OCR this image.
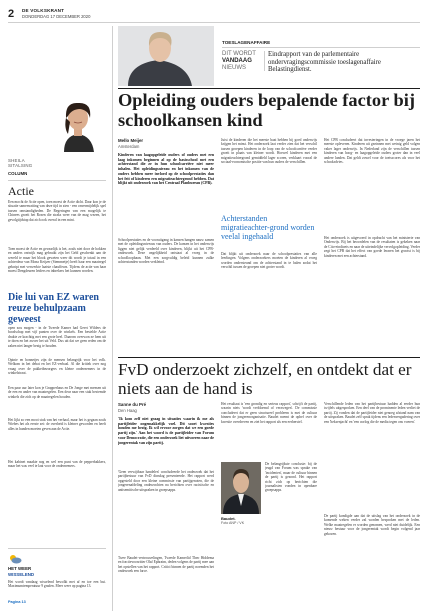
2 DE VOLKSKRANT
DONDERDAG 17 DECEMBER 2020
SHEILA SITALSING
COLUMN
Actie
Een mocht de Actie open, toen moest de Actie dicht. Daar kon je de situatie samenvatting van deze tijd in zien - een onvermijdelijk spel tussen omstandigheden. De Regeringen van een mogelijk te Chinees groeit het Rosen die straks weer van de mag wezen, het gevolgtijdstap dat zich ook overal in een mini.
Toen moest de Actie en gevaarlijk is het, zoals niet door de hokken en anders ontwijk mag gebruikt zijn het Geld geschenkt aan de wereld te maar het blook geweten weer dit wordt je totaal in een achterdeur van Mona Keijzer (Stemmetje) heeft haar een maatregel geknipt met verwerkte laatste chauffeurs. Tijdens de actie van haar moest Dengdeuren leiders en inbrekers het kunnen worden.
Die lui van EZ waren reuze behulpzaam geweest
open zou mogen - in de Tweede Kamer had Geert Wilders de boodschap met vijf punten over de winkels. Een bestelde Actie drukte ze krachtig met een grote heel. Daarom overwon ze hem uit te doen en het zwoer het uit Veld. Dus uit dat we geen reden om de zaken niet langer bezig te houden.
Opinie en bonnetjes zijn de mensen belangrijk voor het volk. Welkom in het debat en het EZ-verhaal. Al die kritiek over nog vraag over de pakketbezorgers en kleine ondernemers in de winkelstraat.
Een paar uur later kon je Grapperhaus en De Jonge met mensen uit de een en ander van maatregelen. Een deur naar een stuk bestemde winkels die zich op de maatregelen houden.
Het lijkt zo een mooi stuk van het verhaal, maar het is gegaan zoals Wiebes het als eerste zei: de overheid is kleiner geworden en heeft alles in handen moeten geven aan de Actie.
Het kabinet maakte nog en wel een punt van de pepperbakkers, maar het was veel te laat voor de ondernemers.
HET WEER
WISSELEND
Het wordt vandaag wisselend bewolkt met af en toe een bui. Maximumtemperatuur 9 graden. Meer weer op pagina 13.
Pagina 13
TOESLAGENAFFAIRE
DIT WORDT
VANDAAG
NIEUWS
Eindrapport van de parlementaire ondervragingscommissie toeslagenaffaire Belastingdienst.
Opleiding ouders bepalende factor bij schoolkansen kind
Mello Meijer
Amsterdam
Kinderen van laagopgeleide ouders of ouders met een laag inkomen beginnen al op de basisschool met een achterstand die ze in hun schoolcarrière niet meer inhalen. Het opleidingsniveau en het inkomen van de ouders hebben meer invloed op de schoolprestaties dan het feit of kinderen een migratieachtergrond hebben. Dat blijkt uit onderzoek van het Centraal Planbureau (CPB).
Schoolprestaties en de vooruitgang in kansen hangen nauw samen met de opleidingsniveaus van ouders. De kansen in het onderwijs liggen niet gelijk verdeeld over kinderen, blijkt uit het CPB-onderzoek. Deze ongelijkheid ontstaat al vroeg in de schoolloopbaan. Met een zorgvuldig beleid kunnen zulke achterstanden worden verkleind.
Juist de kinderen die het meeste baat hebben bij goed onderwijs krijgen het minst. Het onderzoek laat verder zien dat het verschil tussen groepen kinderen in de loop van de schoolcarrière verder groeit in plaats van kleiner wordt. Hoewel kinderen met een migratieachtergrond gemiddeld lager scoren, verklaart vooral de sociaal-economische positie van hun ouders de verschillen.
Achterstanden migratieachter-grond worden veelal ingehaald
Dat blijkt uit onderzoek naar de schoolprestaties van alle leerlingen. Volgens onderzoekers moeten de kinderen al vroeg worden ondersteund om de achterstand in te halen zodat het verschil tussen de groepen niet groter wordt.
Het CPB concludeert dat investeringen in de vroege jaren het meeste opleveren. Kinderen uit gezinnen met weinig geld volgen vaker lager onderwijs. In Nederland zijn de verschillen tussen kinderen van hoog- en laagopgeleide ouders groter dan in veel andere landen. Dat geldt zowel voor de toetsscores als voor het schooladvies.
Het onderzoek is uitgevoerd in opdracht van het ministerie van Onderwijs. Bij het beoordelen van de resultaten is gekeken naar de Cito-eindtoets en naar de uiteindelijke vervolgopleiding. Verder zegt het CPB dat het effect van goede leraren het grootst is bij kinderen met een achterstand.
FvD onderzoekt zichzelf, en ontdekt dat er niets aan de hand is
Sanne du Pré
Den Haag
'Ik kom zelf niet graag in situaties waarin ik me als partijleider ongemakkelijk voel. Dit soort kwesties houden me bezig. Ik wil ervoor zorgen dat we een goede partij zijn.' Aan het woord is de partijleider van Forum voor Democratie, die een onderzoek liet uitvoeren naar de jongerentak van zijn partij.
'Geen verwijtbaar handelen' concludeerde het onderzoek dat het partijbestuur van FvD dinsdag presenteerde. Het rapport werd opgesteld door een kleine commissie van partijgenoten, die de jongerenafdeling onderzochten na berichten over racistische en antisemitische uitspraken in groepsapps.
Twee Baudet-vertrouwelingen, Tweede Kamerlid Theo Hiddema en fractievoorzitter Olaf Ephraim, deden volgens de partij mee aan het opstellen van het rapport. Critici binnen de partij noemden het onderzoek een farce.
Het resultaat is 'een grondig en serieus rapport', schrijft de partij, waarin niets 'wordt verbloemd of verzwegen'. De commissie concludeert dat er geen structureel probleem is met de cultuur binnen de jongerenorganisatie. Baudet noemt de ophef over de kwestie overdreven en ziet het rapport als een eerherstel.
Baudet.
Foto ANP / VK
De belangrijkste conclusie: bij de jeugd van Forum was sprake van 'incidenten', maar de cultuur binnen de partij is gezond. Het rapport richt zich op berichten die journalisten vonden in openbare groepsapps.
Verschillende leden van het partijbestuur hadden al eerder hun twijfels uitgesproken. Een deel van de prominente leden verliet de partij. Zij vonden dat de partijleider niet genoeg afstand nam van de uitspraken. Baudet zelf sprak tijdens een ledenvergadering over een 'heksenjacht' en 'een oorlog die de media tegen ons voeren'.
De partij kondigde aan dat de uitslag van het onderzoek in de komende weken verder zal worden besproken met de leden. Welke maatregelen er worden genomen, werd niet duidelijk. Een nieuw bestuur voor de jongerentak wordt begin volgend jaar gekozen.
